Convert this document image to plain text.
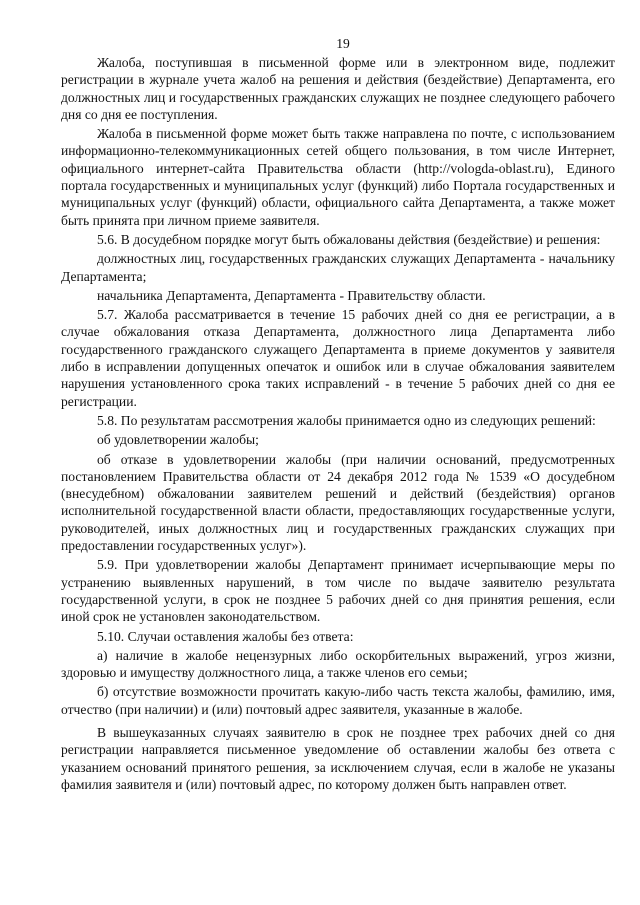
19

Жалоба, поступившая в письменной форме или в электронном виде, подлежит регистрации в журнале учета жалоб на решения и действия (бездействие) Департамента, его должностных лиц и государственных гражданских служащих не позднее следующего рабочего дня со дня ее поступления.

Жалоба в письменной форме может быть также направлена по почте, с использованием информационно-телекоммуникационных сетей общего пользования, в том числе Интернет, официального интернет-сайта Правительства области (http://vologda-oblast.ru), Единого портала государственных и муниципальных услуг (функций) либо Портала государственных и муниципальных услуг (функций) области, официального сайта Департамента, а также может быть принята при личном приеме заявителя.

5.6. В досудебном порядке могут быть обжалованы действия (бездействие) и решения:

должностных лиц, государственных гражданских служащих Департамента - начальнику Департамента;

начальника Департамента, Департамента - Правительству области.

5.7. Жалоба рассматривается в течение 15 рабочих дней со дня ее регистрации, а в случае обжалования отказа Департамента, должностного лица Департамента либо государственного гражданского служащего Департамента в приеме документов у заявителя либо в исправлении допущенных опечаток и ошибок или в случае обжалования заявителем нарушения установленного срока таких исправлений - в течение 5 рабочих дней со дня ее регистрации.

5.8. По результатам рассмотрения жалобы принимается одно из следующих решений:

об удовлетворении жалобы;

об отказе в удовлетворении жалобы (при наличии оснований, предусмотренных постановлением Правительства области от 24 декабря 2012 года № 1539 «О досудебном (внесудебном) обжаловании заявителем решений и действий (бездействия) органов исполнительной государственной власти области, предоставляющих государственные услуги, руководителей, иных должностных лиц и государственных гражданских служащих при предоставлении государственных услуг»).

5.9. При удовлетворении жалобы Департамент принимает исчерпывающие меры по устранению выявленных нарушений, в том числе по выдаче заявителю результата государственной услуги, в срок не позднее 5 рабочих дней со дня принятия решения, если иной срок не установлен законодательством.

5.10. Случаи оставления жалобы без ответа:

а) наличие в жалобе нецензурных либо оскорбительных выражений, угроз жизни, здоровью и имуществу должностного лица, а также членов его семьи;

б) отсутствие возможности прочитать какую-либо часть текста жалобы, фамилию, имя, отчество (при наличии) и (или) почтовый адрес заявителя, указанные в жалобе.

В вышеуказанных случаях заявителю в срок не позднее трех рабочих дней со дня регистрации направляется письменное уведомление об оставлении жалобы без ответа с указанием оснований принятого решения, за исключением случая, если в жалобе не указаны фамилия заявителя и (или) почтовый адрес, по которому должен быть направлен ответ.
